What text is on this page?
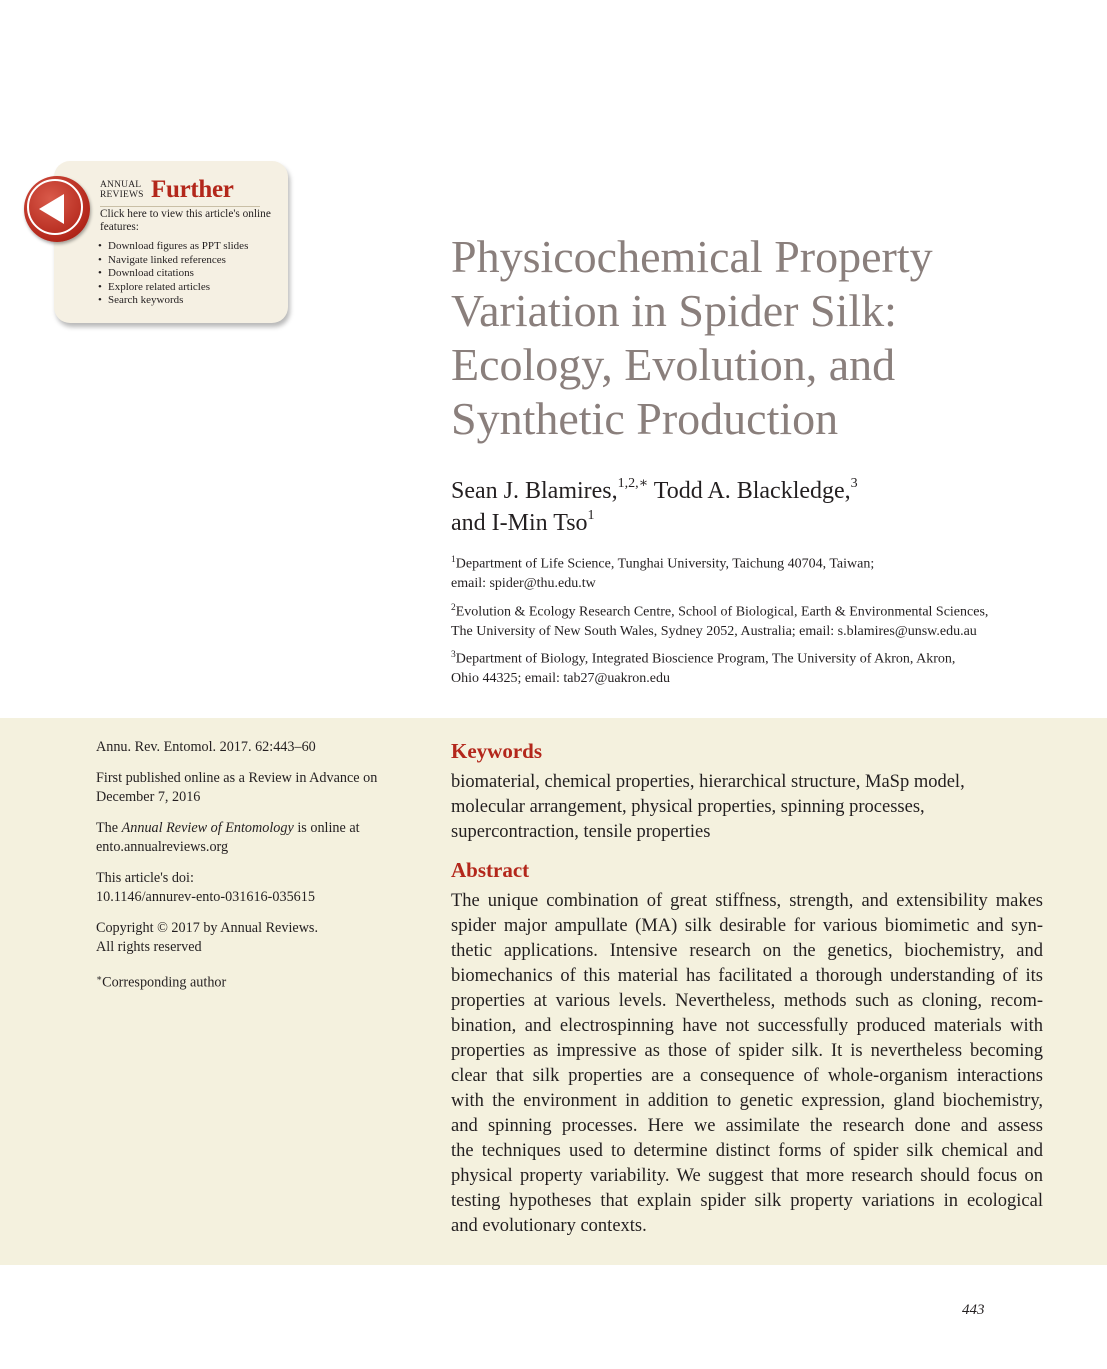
ANNUAL
REVIEWS Further
Click here to view this article's online features:
• Download figures as PPT slides
• Navigate linked references
• Download citations
• Explore related articles
• Search keywords
Physicochemical Property
Variation in Spider Silk:
Ecology, Evolution, and
Synthetic Production

Sean J. Blamires,$^{1,2,∗}$ Todd A. Blackledge,$^3$
and I-Min Tso$^1$

$^1$Department of Life Science, Tunghai University, Taichung 40704, Taiwan;
email: spider@thu.edu.tw
$^2$Evolution & Ecology Research Centre, School of Biological, Earth & Environmental Sciences,
The University of New South Wales, Sydney 2052, Australia; email: s.blamires@unsw.edu.au
$^3$Department of Biology, Integrated Bioscience Program, The University of Akron, Akron,
Ohio 44325; email: tab27@uakron.edu

Annu. Rev. Entomol. 2017. 62:443–60

First published online as a Review in Advance on

December 7, 2016

The Annual Review of Entomology is online at

ento.annualreviews.org

This article's doi:

10.1146/annurev-ento-031616-035615

Copyright © 2017 by Annual Reviews.

All rights reserved

∗Corresponding author

Keywords
biomaterial, chemical properties, hierarchical structure, MaSp model,
molecular arrangement, physical properties, spinning processes,
supercontraction, tensile properties
Abstract
The unique combination of great stiffness, strength, and extensibility makes
spider major ampullate (MA) silk desirable for various biomimetic and syn-
thetic applications. Intensive research on the genetics, biochemistry, and
biomechanics of this material has facilitated a thorough understanding of its
properties at various levels. Nevertheless, methods such as cloning, recom-
bination, and electrospinning have not successfully produced materials with
properties as impressive as those of spider silk. It is nevertheless becoming
clear that silk properties are a consequence of whole-organism interactions
with the environment in addition to genetic expression, gland biochemistry,
and spinning processes. Here we assimilate the research done and assess
the techniques used to determine distinct forms of spider silk chemical and
physical property variability. We suggest that more research should focus on
testing hypotheses that explain spider silk property variations in ecological
and evolutionary contexts.
443
